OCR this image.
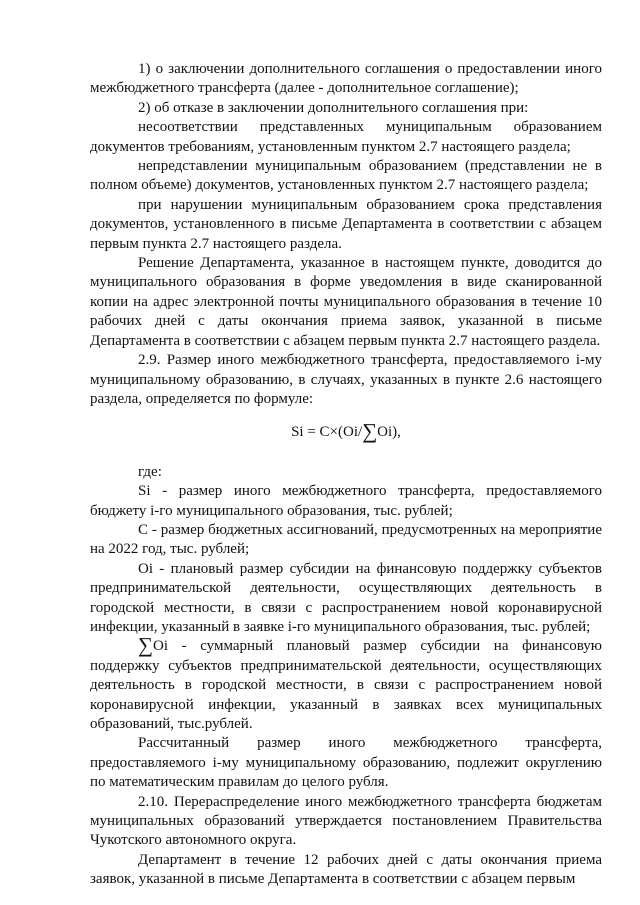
1) о заключении дополнительного соглашения о предоставлении иного межбюджетного трансферта (далее - дополнительное соглашение);

2) об отказе в заключении дополнительного соглашения при:

несоответствии представленных муниципальным образованием документов требованиям, установленным пунктом 2.7 настоящего раздела;

непредставлении муниципальным образованием (представлении не в полном объеме) документов, установленных пунктом 2.7 настоящего раздела;

при нарушении муниципальным образованием срока представления документов, установленного в письме Департамента в соответствии с абзацем первым пункта 2.7 настоящего раздела.

Решение Департамента, указанное в настоящем пункте, доводится до муниципального образования в форме уведомления в виде сканированной копии на адрес электронной почты муниципального образования в течение 10 рабочих дней с даты окончания приема заявок, указанной в письме Департамента в соответствии с абзацем первым пункта 2.7 настоящего раздела.

2.9. Размер иного межбюджетного трансферта, предоставляемого i-му муниципальному образованию, в случаях, указанных в пункте 2.6 настоящего раздела, определяется по формуле:

Si = C×(Oi/∑Oi),

где:

Si - размер иного межбюджетного трансферта, предоставляемого бюджету i-го муниципального образования, тыс. рублей;

C - размер бюджетных ассигнований, предусмотренных на мероприятие на 2022 год, тыс. рублей;

Oi - плановый размер субсидии на финансовую поддержку субъектов предпринимательской деятельности, осуществляющих деятельность в городской местности, в связи с распространением новой коронавирусной инфекции, указанный в заявке i-го муниципального образования, тыс. рублей;

∑Oi - суммарный плановый размер субсидии на финансовую поддержку субъектов предпринимательской деятельности, осуществляющих деятельность в городской местности, в связи с распространением новой коронавирусной инфекции, указанный в заявках всех муниципальных образований, тыс.рублей.

Рассчитанный размер иного межбюджетного трансферта, предоставляемого i-му муниципальному образованию, подлежит округлению по математическим правилам до целого рубля.

2.10. Перераспределение иного межбюджетного трансферта бюджетам муниципальных образований утверждается постановлением Правительства Чукотского автономного округа.

Департамент в течение 12 рабочих дней с даты окончания приема заявок, указанной в письме Департамента в соответствии с абзацем первым
